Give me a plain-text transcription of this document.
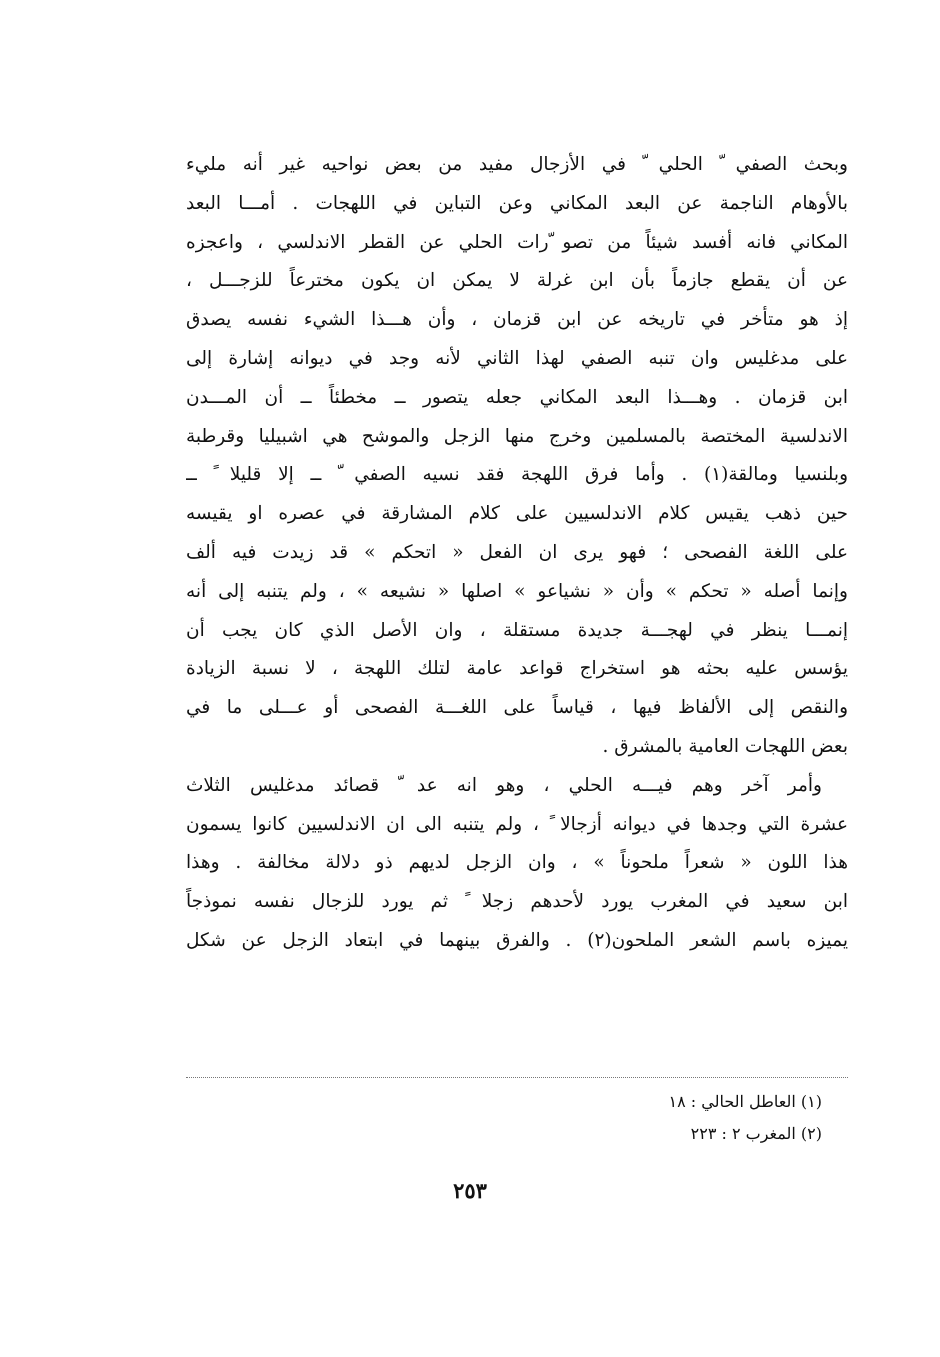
وبحث الصفي ّ الحلي ّ في الأزجال مفيد من بعض نواحيه غير أنه مليء
بالأوهام الناجمة عن البعد المكاني وعن التباين في اللهجات . أمـــا البعد
المكاني فانه أفسد شيئاً من تصو ّرات الحلي عن القطر الاندلسي ، واعجزه
عن أن يقطع جازماً بأن ابن غرلة لا يمكن ان يكون مخترعاً للزجـــل ،
إذ هو متأخر في تاريخه عن ابن قزمان ، وأن هـــذا الشيء نفسه يصدق
على مدغليس وان تنبه الصفي لهذا الثاني لأنه وجد في ديوانه إشارة إلى
ابن قزمان . وهـــذا البعد المكاني جعله يتصور ــ مخطئاً ــ أن المـــدن
الاندلسية المختصة بالمسلمين وخرج منها الزجل والموشح هي اشبيليا وقرطبة
وبلنسيا ومالقة(١) . وأما فرق اللهجة فقد نسيه الصفي ّ ــ إلا قليلا ً ــ
حين ذهب يقيس كلام الاندلسيين على كلام المشارقة في عصره او يقيسه
على اللغة الفصحى ؛ فهو يرى ان الفعل « اتحكم » قد زيدت فيه ألف
وإنما أصله « تحكم » وأن « نشياعو » اصلها « نشيعه » ، ولم يتنبه إلى أنه
إنمـــا ينظر في لهجـــة جديدة مستقلة ، وان الأصل الذي كان يجب أن
يؤسس عليه بحثه هو استخراج قواعد عامة لتلك اللهجة ، لا نسبة الزيادة
والنقص إلى الألفاظ فيها ، قياساً على اللغـــة الفصحى أو عـــلى ما في
بعض اللهجات العامية بالمشرق .
وأمر آخر وهم فيـــه الحلي ، وهو انه عد ّ قصائد مدغليس الثلاث
عشرة التي وجدها في ديوانه أزجالا ً ، ولم يتنبه الى ان الاندلسيين كانوا يسمون
هذا اللون « شعراً ملحوناً » ، وان الزجل لديهم ذو دلالة مخالفة . وهذا
ابن سعيد في المغرب يورد لأحدهم زجلا ً ثم يورد للزجال نفسه نموذجاً
يميزه باسم الشعر الملحون(٢) . والفرق بينهما في ابتعاد الزجل عن شكل
(١) العاطل الحالي : ١٨
(٢) المغرب ٢ : ٢٢٣
٢٥٣
